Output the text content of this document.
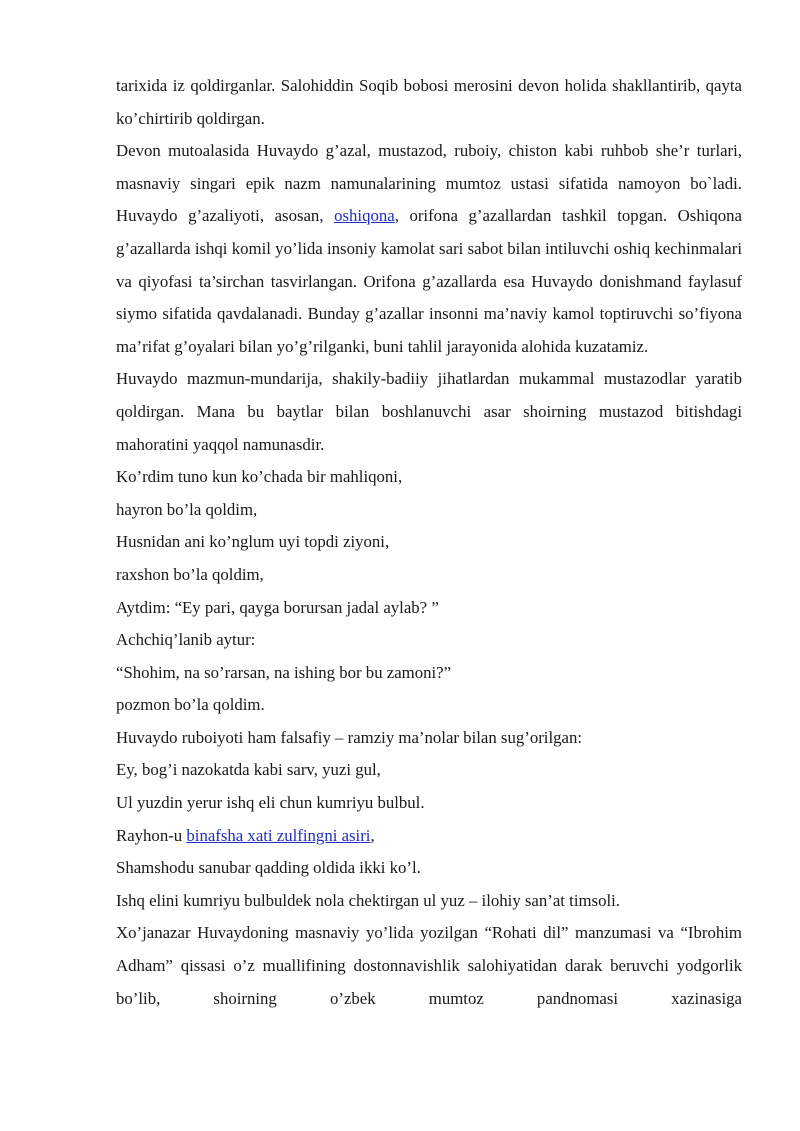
tarixida iz qoldirganlar. Salohiddin Soqib bobosi merosini devon holida shakllantirib, qayta ko’chirtirib qoldirgan.

Devon mutoalasida Huvaydo g’azal, mustazod, ruboiy, chiston kabi ruhbob she’r turlari, masnaviy singari epik nazm namunalarining mumtoz ustasi sifatida namoyon bo`ladi. Huvaydo g’azaliyoti, asosan, oshiqona, orifona g’azallardan tashkil topgan. Oshiqona g’azallarda ishqi komil yo’lida insoniy kamolat sari sabot bilan intiluvchi oshiq kechinmalari va qiyofasi ta’sirchan tasvirlangan. Orifona g’azallarda esa Huvaydo donishmand faylasuf siymo sifatida qavdalanadi. Bunday g’azallar insonni ma’naviy kamol toptiruvchi so’fiyona ma’rifat g’oyalari bilan yo’g’rilganki, buni tahlil jarayonida alohida kuzatamiz.

Huvaydo mazmun-mundarija, shakily-badiiy jihatlardan mukammal mustazodlar yaratib qoldirgan. Mana bu baytlar bilan boshlanuvchi asar shoirning mustazod bitishdagi mahoratini yaqqol namunasdir.

Ko’rdim tuno kun ko’chada bir mahliqoni,
hayron bo’la qoldim,
Husnidan ani ko’nglum uyi topdi ziyoni,
raxshon bo’la qoldim,
Aytdim: “Ey pari, qayga borursan jadal aylab? ”
Achchiq’lanib aytur:
“Shohim, na so’rarsan, na ishing bor bu zamoni?”
pozmon bo’la qoldim.

Huvaydo ruboiyoti ham falsafiy – ramziy ma’nolar bilan sug’orilgan:

Ey, bog’i nazokatda kabi sarv, yuzi gul,
Ul yuzdin yerur ishq eli chun kumriyu bulbul.
Rayhon-u binafsha xati zulfingni asiri,
Shamshodu sanubar qadding oldida ikki ko’l.

Ishq elini kumriyu bulbuldek nola chektirgan ul yuz – ilohiy san’at timsoli.

Xo’janazar Huvaydoning masnaviy yo’lida yozilgan “Rohati dil” manzumasi va “Ibrohim Adham” qissasi o’z muallifining dostonnavishlik salohiyatidan darak beruvchi yodgorlik bo’lib, shoirning o’zbek mumtoz pandnomasi xazinasiga
